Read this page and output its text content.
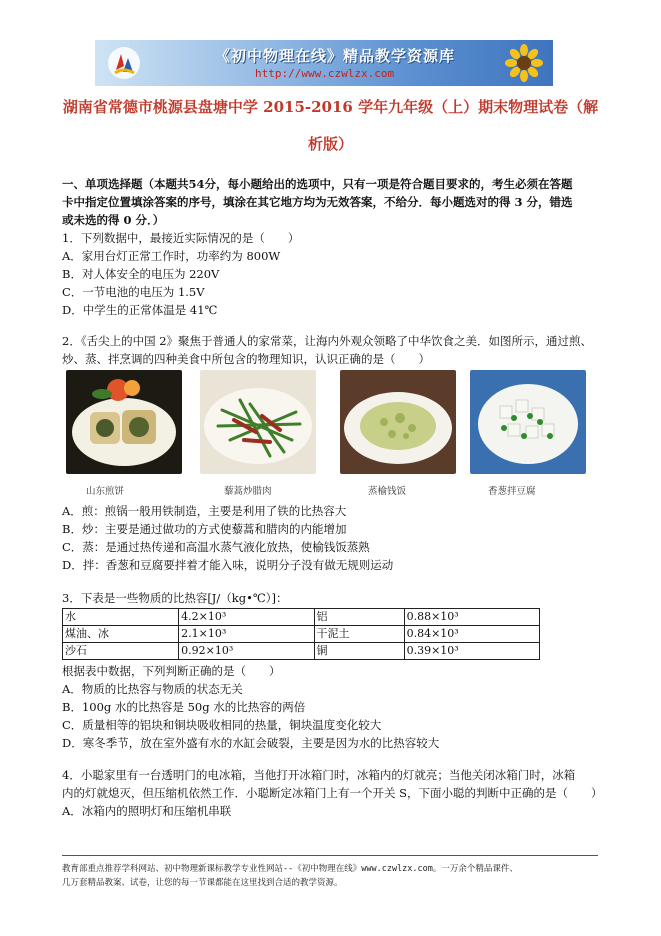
《初中物理在线》精品教学资源库
http://www.czwlzx.com
湖南省常德市桃源县盘塘中学 2015-2016 学年九年级（上）期末物理试卷（解
析版）
一、单项选择题（本题共54分，每小题给出的选项中，只有一项是符合题目要求的，考生必须在答题
卡中指定位置填涂答案的序号，填涂在其它地方均为无效答案，不给分．每小题选对的得 3 分，错选
或未选的得 0 分．）
1．下列数据中，最接近实际情况的是（　　）
A．家用台灯正常工作时，功率约为 800W
B．对人体安全的电压为 220V
C．一节电池的电压为 1.5V
D．中学生的正常体温是 41℃
2．《舌尖上的中国 2》聚焦于普通人的家常菜，让海内外观众领略了中华饮食之美．如图所示，通过煎、
炒、蒸、拌烹调的四种美食中所包含的物理知识，认识正确的是（　　）
山东煎饼	藜蒿炒腊肉	蒸榆钱饭	香葱拌豆腐
A．煎：煎锅一般用铁制造，主要是利用了铁的比热容大
B．炒：主要是通过做功的方式使藜蒿和腊肉的内能增加
C．蒸：是通过热传递和高温水蒸气液化放热，使榆钱饭蒸熟
D．拌：香葱和豆腐要拌着才能入味，说明分子没有做无规则运动
3．下表是一些物质的比热容[J/（kg•℃）]：
水	4.2×10³	铝	0.88×10³
煤油、冰	2.1×10³	干泥土	0.84×10³
沙石	0.92×10³	铜	0.39×10³
根据表中数据，下列判断正确的是（　　）
A．物质的比热容与物质的状态无关
B．100g 水的比热容是 50g 水的比热容的两倍
C．质量相等的铝块和铜块吸收相同的热量，铜块温度变化较大
D．寒冬季节，放在室外盛有水的水缸会破裂，主要是因为水的比热容较大
4．小聪家里有一台透明门的电冰箱，当他打开冰箱门时，冰箱内的灯就亮；当他关闭冰箱门时，冰箱
内的灯就熄灭，但压缩机依然工作．小聪断定冰箱门上有一个开关 S，下面小聪的判断中正确的是（　　）
A．冰箱内的照明灯和压缩机串联
教育部重点推荐学科网站、初中物理新课标教学专业性网站--《初中物理在线》www.czwlzx.com。一万余个精品课件、
几万套精品教案、试卷，让您的每一节课都能在这里找到合适的教学资源。
